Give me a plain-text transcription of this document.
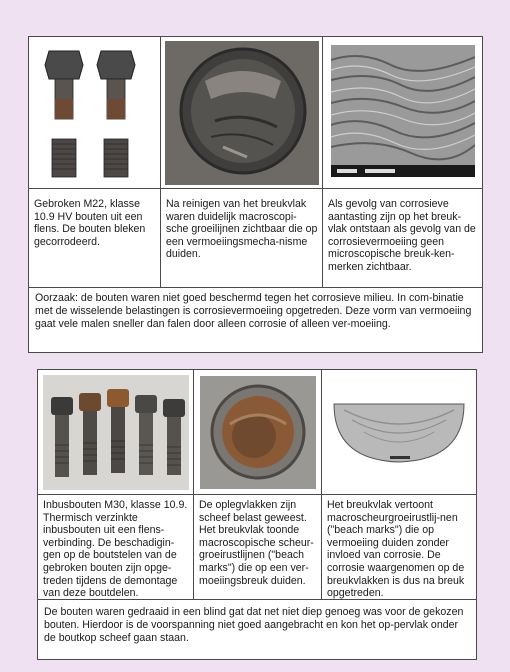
Gebroken M22, klasse 10.9 HV bouten uit een flens. De bouten bleken gecorrodeerd.
Na reinigen van het breukvlak waren duidelijk macroscopi-sche groeilijnen zichtbaar die op een vermoeiingsmecha-nisme duiden.
Als gevolg van corrosieve aantasting zijn op het breuk-vlak ontstaan als gevolg van de corrosievermoeiing geen microscopische breuk-ken-merken zichtbaar.
Oorzaak: de bouten waren niet goed beschermd tegen het corrosieve milieu. In com-binatie met de wisselende belastingen is corrosievermoeiing opgetreden. Deze vorm van vermoeiing gaat vele malen sneller dan falen door alleen corrosie of alleen ver-moeiing.
Inbusbouten M30, klasse 10.9. Thermisch verzinkte inbusbouten uit een flens-verbinding. De beschadigin-gen op de boutstelen van de gebroken bouten zijn opge-treden tijdens de demontage van deze boutdelen.
De oplegvlakken zijn scheef belast geweest. Het breukvlak toonde macroscopische scheur-groeirustlijnen ("beach marks") die op een ver-moeiingsbreuk duiden.
Het breukvlak vertoont macroscheurgroeirustlij-nen ("beach marks") die op vermoeiing duiden zonder invloed van corrosie. De corrosie waargenomen op de breukvlakken is dus na breuk opgetreden.
De bouten waren gedraaid in een blind gat dat net niet diep genoeg was voor de gekozen bouten. Hierdoor is de voorspanning niet goed aangebracht en kon het op-pervlak onder de boutkop scheef gaan staan.
